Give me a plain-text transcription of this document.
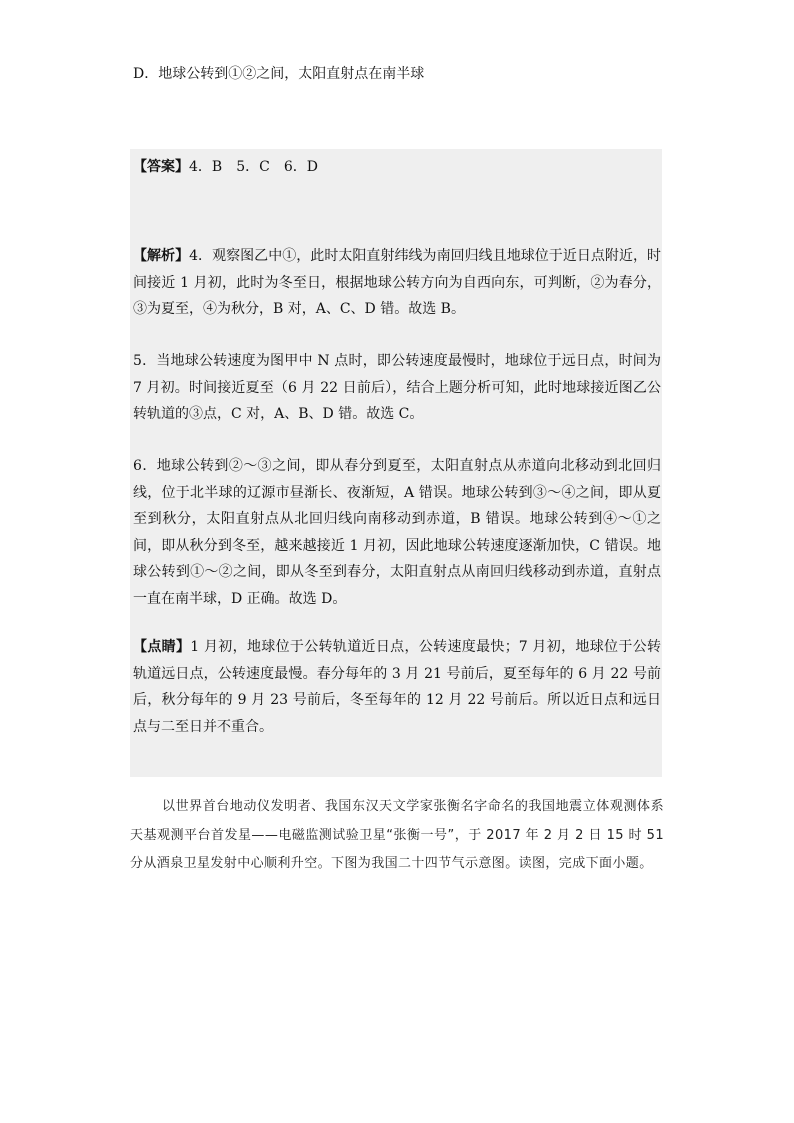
D．地球公转到①②之间，太阳直射点在南半球
【答案】4．B　5．C　6．D
【解析】4．观察图乙中①，此时太阳直射纬线为南回归线且地球位于近日点附近，时间接近 1 月初，此时为冬至日，根据地球公转方向为自西向东，可判断，②为春分，③为夏至，④为秋分，B 对，A、C、D 错。故选 B。
5．当地球公转速度为图甲中 N 点时，即公转速度最慢时，地球位于远日点，时间为 7 月初。时间接近夏至（6 月 22 日前后），结合上题分析可知，此时地球接近图乙公转轨道的③点，C 对，A、B、D 错。故选 C。
6．地球公转到②～③之间，即从春分到夏至，太阳直射点从赤道向北移动到北回归线，位于北半球的辽源市昼渐长、夜渐短，A 错误。地球公转到③～④之间，即从夏至到秋分，太阳直射点从北回归线向南移动到赤道，B 错误。地球公转到④～①之间，即从秋分到冬至，越来越接近 1 月初，因此地球公转速度逐渐加快，C 错误。地球公转到①～②之间，即从冬至到春分，太阳直射点从南回归线移动到赤道，直射点一直在南半球，D 正确。故选 D。
【点睛】1 月初，地球位于公转轨道近日点，公转速度最快；7 月初，地球位于公转轨道远日点，公转速度最慢。春分每年的 3 月 21 号前后，夏至每年的 6 月 22 号前后，秋分每年的 9 月 23 号前后，冬至每年的 12 月 22 号前后。所以近日点和远日点与二至日并不重合。
以世界首台地动仪发明者、我国东汉天文学家张衡名字命名的我国地震立体观测体系天基观测平台首发星——电磁监测试验卫星“张衡一号”，于 2017 年 2 月 2 日 15 时 51 分从酒泉卫星发射中心顺利升空。下图为我国二十四节气示意图。读图，完成下面小题。
